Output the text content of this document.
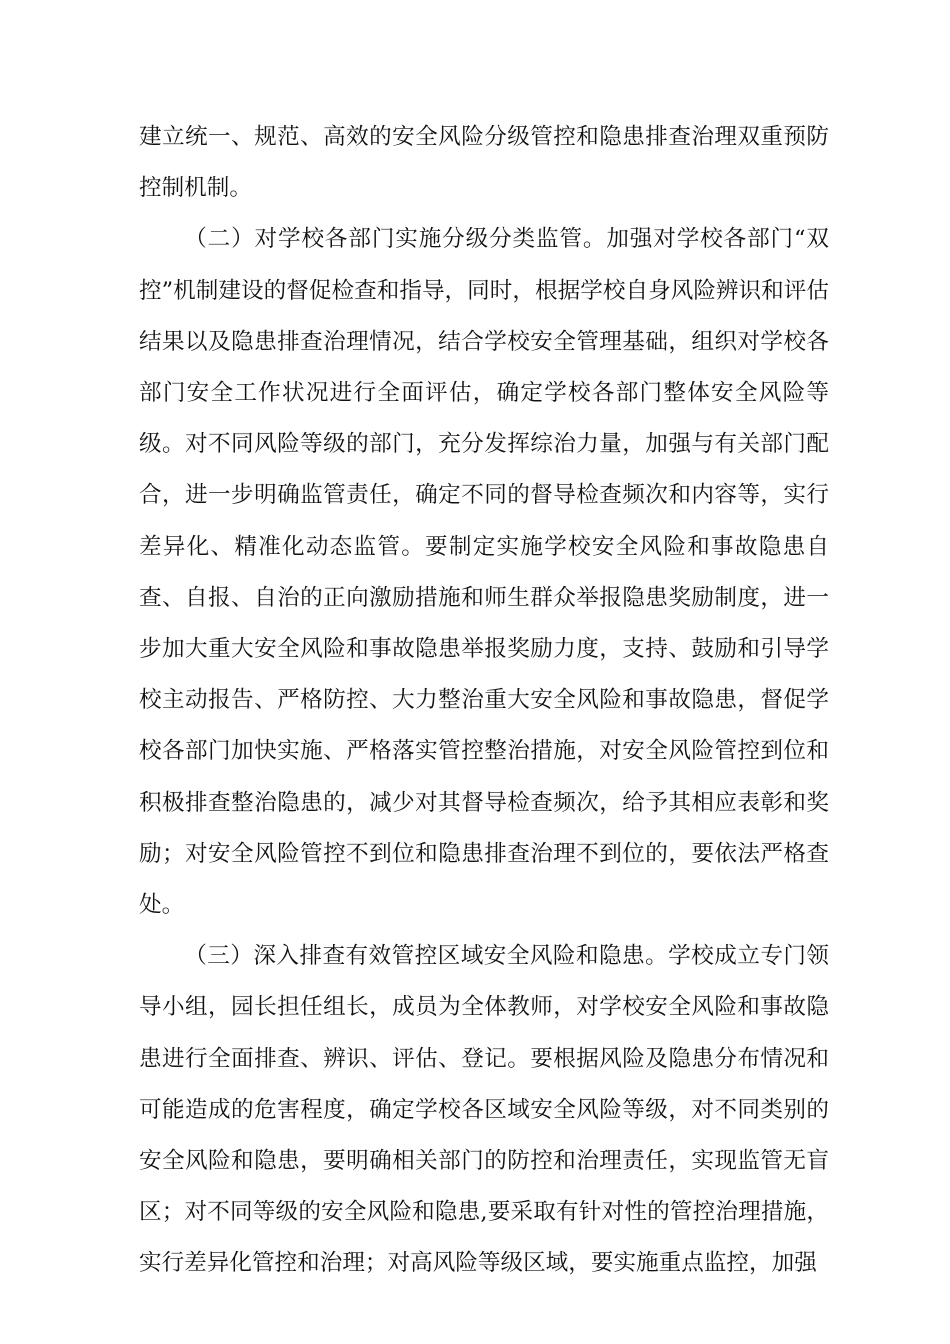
建立统一、规范、高效的安全风险分级管控和隐患排查治理双重预防控制机制。

（二）对学校各部门实施分级分类监管。加强对学校各部门“双控”机制建设的督促检查和指导，同时，根据学校自身风险辨识和评估结果以及隐患排查治理情况，结合学校安全管理基础，组织对学校各部门安全工作状况进行全面评估，确定学校各部门整体安全风险等级。对不同风险等级的部门，充分发挥综治力量，加强与有关部门配合，进一步明确监管责任，确定不同的督导检查频次和内容等，实行差异化、精准化动态监管。要制定实施学校安全风险和事故隐患自查、自报、自治的正向激励措施和师生群众举报隐患奖励制度，进一步加大重大安全风险和事故隐患举报奖励力度，支持、鼓励和引导学校主动报告、严格防控、大力整治重大安全风险和事故隐患，督促学校各部门加快实施、严格落实管控整治措施，对安全风险管控到位和积极排查整治隐患的，减少对其督导检查频次，给予其相应表彰和奖励；对安全风险管控不到位和隐患排查治理不到位的，要依法严格查处。

（三）深入排查有效管控区域安全风险和隐患。学校成立专门领导小组，园长担任组长，成员为全体教师，对学校安全风险和事故隐患进行全面排查、辨识、评估、登记。要根据风险及隐患分布情况和可能造成的危害程度，确定学校各区域安全风险等级，对不同类别的安全风险和隐患，要明确相关部门的防控和治理责任，实现监管无盲区；对不同等级的安全风险和隐患,要采取有针对性的管控治理措施，实行差异化管控和治理；对高风险等级区域，要实施重点监控，加强
